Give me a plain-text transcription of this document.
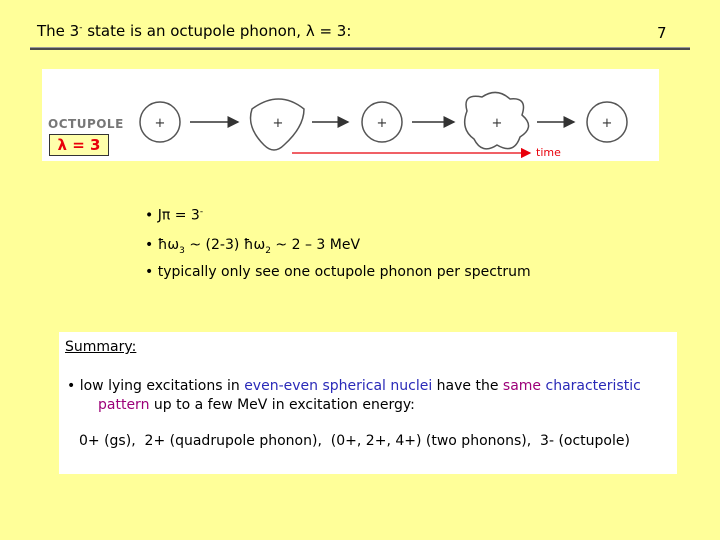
The 3- state is an octupole phonon, λ = 3:	7
+	+	+	+	+
OCTUPOLE
λ = 3	time
• Jπ = 3-
• $ħ\omega_3$ ~ (2-3) $ħ\omega_2$ ~ 2 – 3 MeV
• typically only see one octupole phonon per spectrum
Summary:
• low lying excitations in even-even spherical nuclei have the same characteristic
pattern up to a few MeV in excitation energy:
0+ (gs),  2+ (quadrupole phonon),  (0+, 2+, 4+) (two phonons),  3- (octupole)
